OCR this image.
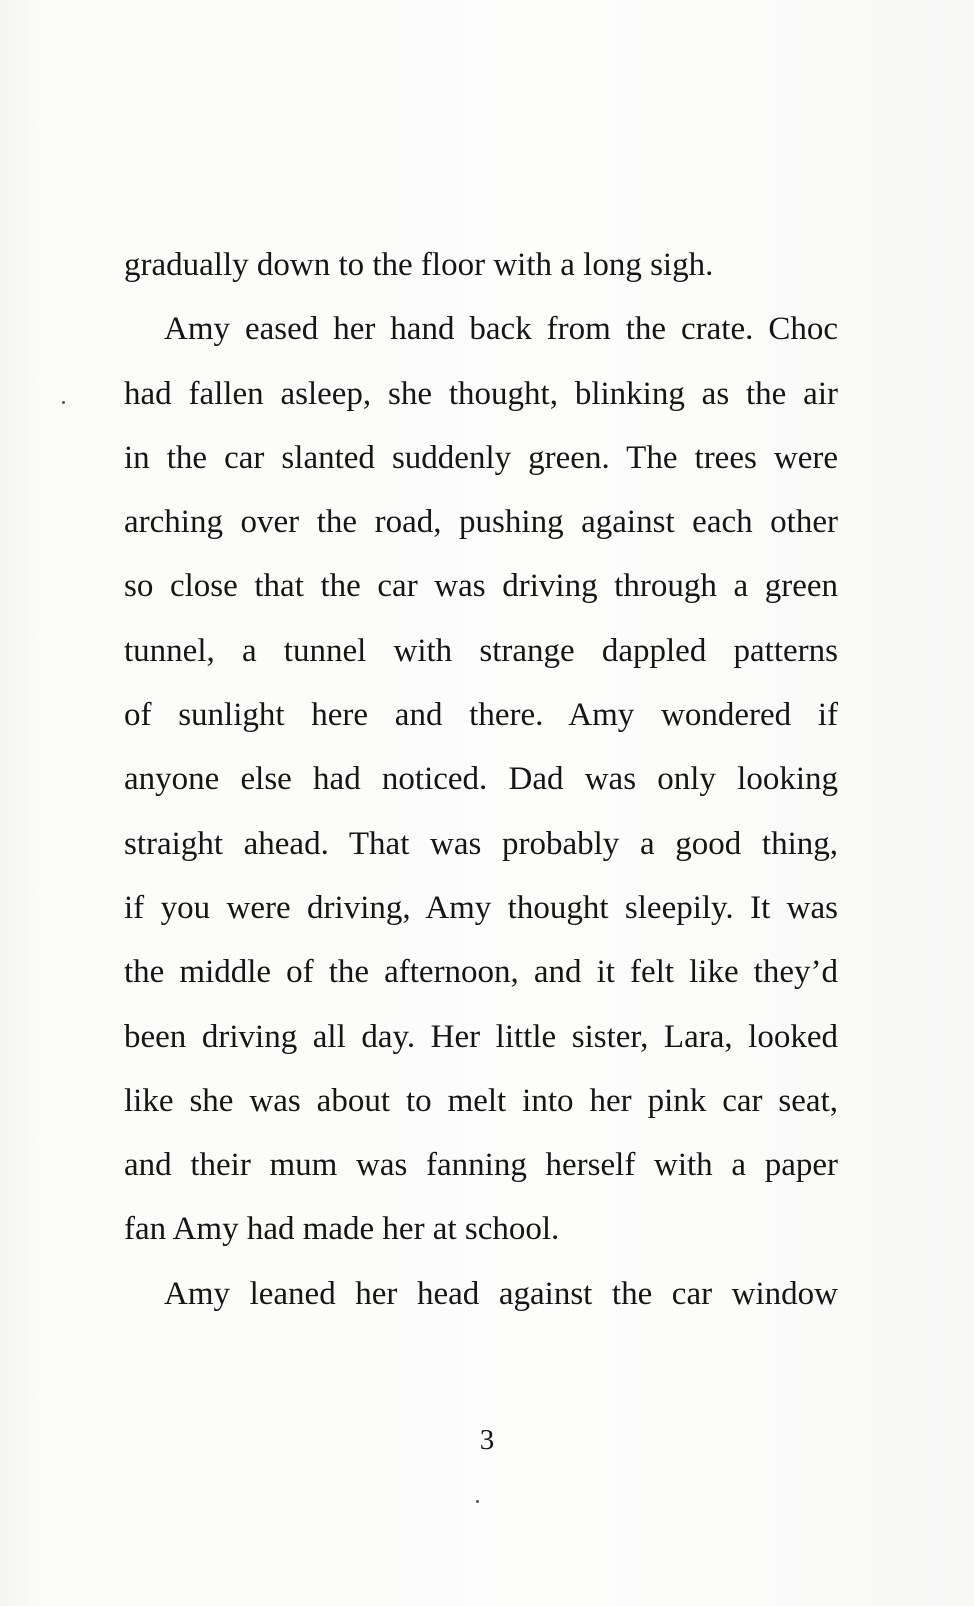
gradually down to the floor with a long sigh.
Amy eased her hand back from the crate. Choc
had fallen asleep, she thought, blinking as the air
in the car slanted suddenly green. The trees were
arching over the road, pushing against each other
so close that the car was driving through a green
tunnel, a tunnel with strange dappled patterns
of sunlight here and there. Amy wondered if
anyone else had noticed. Dad was only looking
straight ahead. That was probably a good thing,
if you were driving, Amy thought sleepily. It was
the middle of the afternoon, and it felt like they’d
been driving all day. Her little sister, Lara, looked
like she was about to melt into her pink car seat,
and their mum was fanning herself with a paper
fan Amy had made her at school.
Amy leaned her head against the car window
3
